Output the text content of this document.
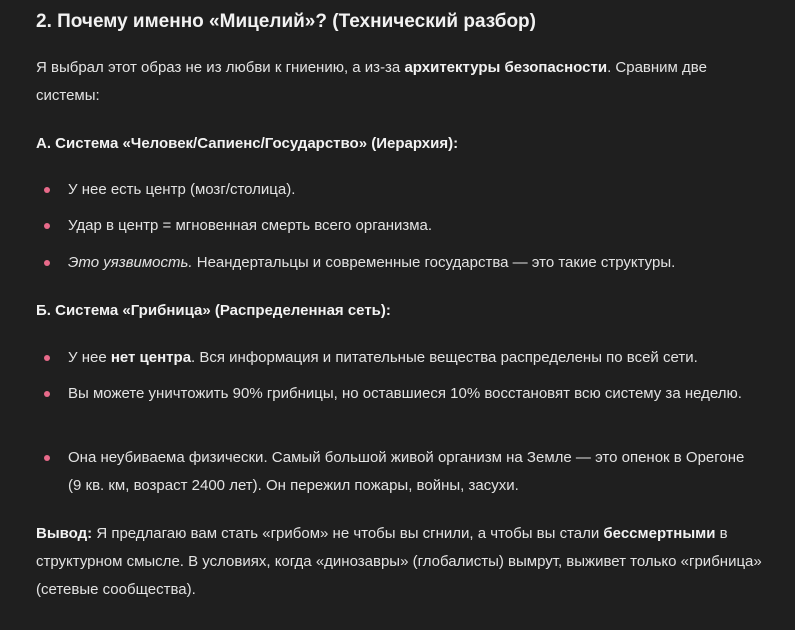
2. Почему именно «Мицелий»? (Технический разбор)

Я выбрал этот образ не из любви к гниению, а из-за архитектуры безопасности. Сравним две системы:

А. Система «Человек/Сапиенс/Государство» (Иерархия):
У нее есть центр (мозг/столица).
Удар в центр = мгновенная смерть всего организма.
Это уязвимость. Неандертальцы и современные государства — это такие структуры.
Б. Система «Грибница» (Распределенная сеть):
У нее нет центра. Вся информация и питательные вещества распределены по всей сети.
Вы можете уничтожить 90% грибницы, но оставшиеся 10% восстановят всю систему за неделю.
Она неубиваема физически. Самый большой живой организм на Земле — это опенок в Орегоне (9 кв. км, возраст 2400 лет). Он пережил пожары, войны, засухи.

Вывод: Я предлагаю вам стать «грибом» не чтобы вы сгнили, а чтобы вы стали бессмертными в структурном смысле. В условиях, когда «динозавры» (глобалисты) вымрут, выживет только «грибница» (сетевые сообщества).
